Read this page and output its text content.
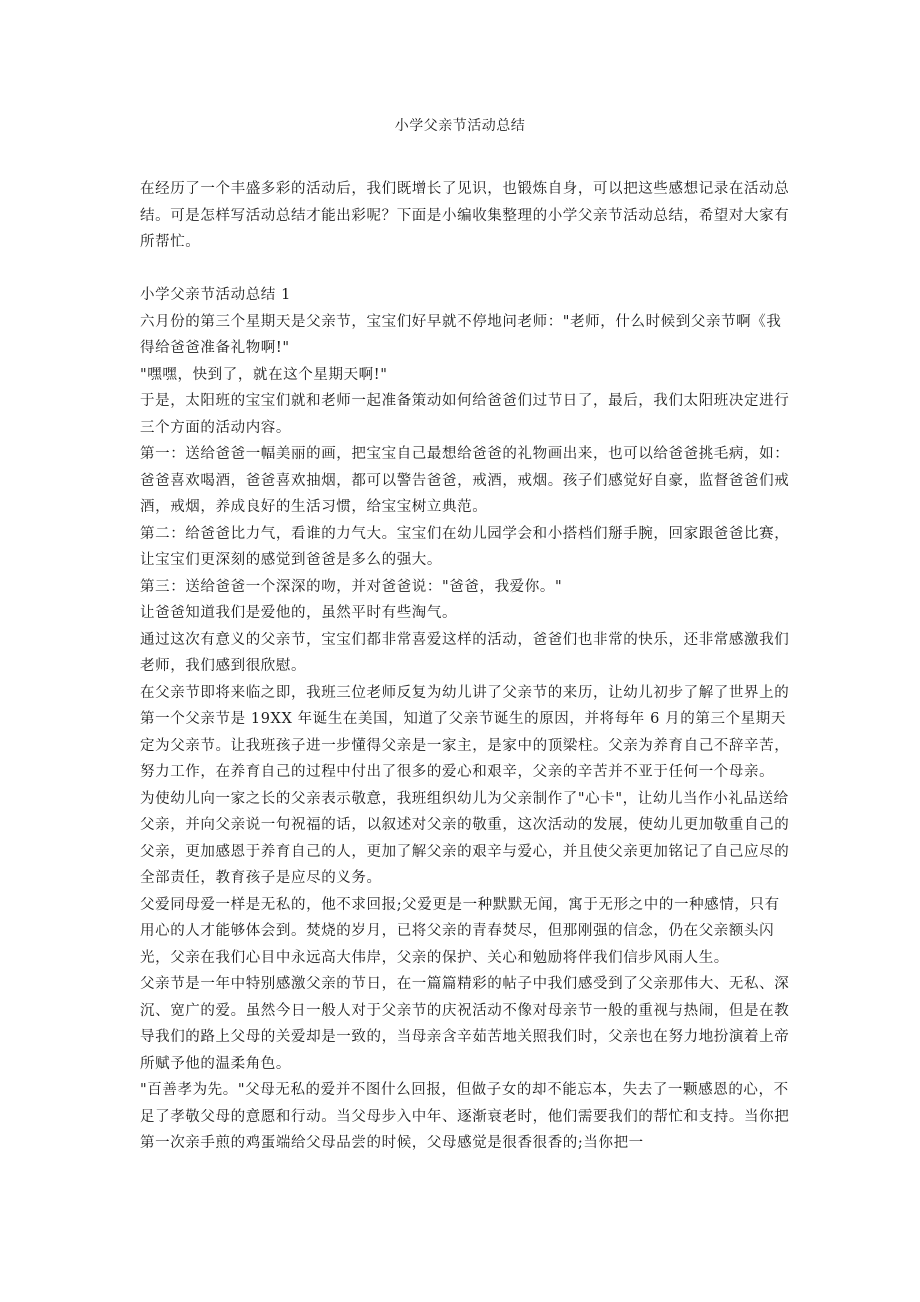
小学父亲节活动总结

在经历了一个丰盛多彩的活动后，我们既增长了见识，也锻炼自身，可以把这些感想记录在活动总结。可是怎样写活动总结才能出彩呢？下面是小编收集整理的小学父亲节活动总结，希望对大家有所帮忙。

小学父亲节活动总结 1

六月份的第三个星期天是父亲节，宝宝们好早就不停地问老师："老师，什么时候到父亲节啊《我得给爸爸准备礼物啊!"

"嘿嘿，快到了，就在这个星期天啊!"

于是，太阳班的宝宝们就和老师一起准备策动如何给爸爸们过节日了，最后，我们太阳班决定进行三个方面的活动内容。

第一：送给爸爸一幅美丽的画，把宝宝自己最想给爸爸的礼物画出来，也可以给爸爸挑毛病，如：爸爸喜欢喝酒，爸爸喜欢抽烟，都可以警告爸爸，戒酒，戒烟。孩子们感觉好自豪，监督爸爸们戒酒，戒烟，养成良好的生活习惯，给宝宝树立典范。

第二：给爸爸比力气，看谁的力气大。宝宝们在幼儿园学会和小搭档们掰手腕，回家跟爸爸比赛，让宝宝们更深刻的感觉到爸爸是多么的强大。

第三：送给爸爸一个深深的吻，并对爸爸说："爸爸，我爱你。"

让爸爸知道我们是爱他的，虽然平时有些淘气。

通过这次有意义的父亲节，宝宝们都非常喜爱这样的活动，爸爸们也非常的快乐，还非常感激我们老师，我们感到很欣慰。

在父亲节即将来临之即，我班三位老师反复为幼儿讲了父亲节的来历，让幼儿初步了解了世界上的第一个父亲节是 19XX 年诞生在美国，知道了父亲节诞生的原因，并将每年 6 月的第三个星期天定为父亲节。让我班孩子进一步懂得父亲是一家主，是家中的顶梁柱。父亲为养育自己不辞辛苦，努力工作，在养育自己的过程中付出了很多的爱心和艰辛，父亲的辛苦并不亚于任何一个母亲。

为使幼儿向一家之长的父亲表示敬意，我班组织幼儿为父亲制作了"心卡"，让幼儿当作小礼品送给父亲，并向父亲说一句祝福的话，以叙述对父亲的敬重，这次活动的发展，使幼儿更加敬重自己的父亲，更加感恩于养育自己的人，更加了解父亲的艰辛与爱心，并且使父亲更加铭记了自己应尽的全部责任，教育孩子是应尽的义务。

父爱同母爱一样是无私的，他不求回报;父爱更是一种默默无闻，寓于无形之中的一种感情，只有用心的人才能够体会到。焚烧的岁月，已将父亲的青春焚尽，但那刚强的信念，仍在父亲额头闪光，父亲在我们心目中永远高大伟岸，父亲的保护、关心和勉励将伴我们信步风雨人生。

父亲节是一年中特别感激父亲的节日，在一篇篇精彩的帖子中我们感受到了父亲那伟大、无私、深沉、宽广的爱。虽然今日一般人对于父亲节的庆祝活动不像对母亲节一般的重视与热闹，但是在教导我们的路上父母的关爱却是一致的，当母亲含辛茹苦地关照我们时，父亲也在努力地扮演着上帝所赋予他的温柔角色。

"百善孝为先。"父母无私的爱并不图什么回报，但做子女的却不能忘本，失去了一颗感恩的心，不足了孝敬父母的意愿和行动。当父母步入中年、逐渐衰老时，他们需要我们的帮忙和支持。当你把第一次亲手煎的鸡蛋端给父母品尝的时候，父母感觉是很香很香的;当你把一
